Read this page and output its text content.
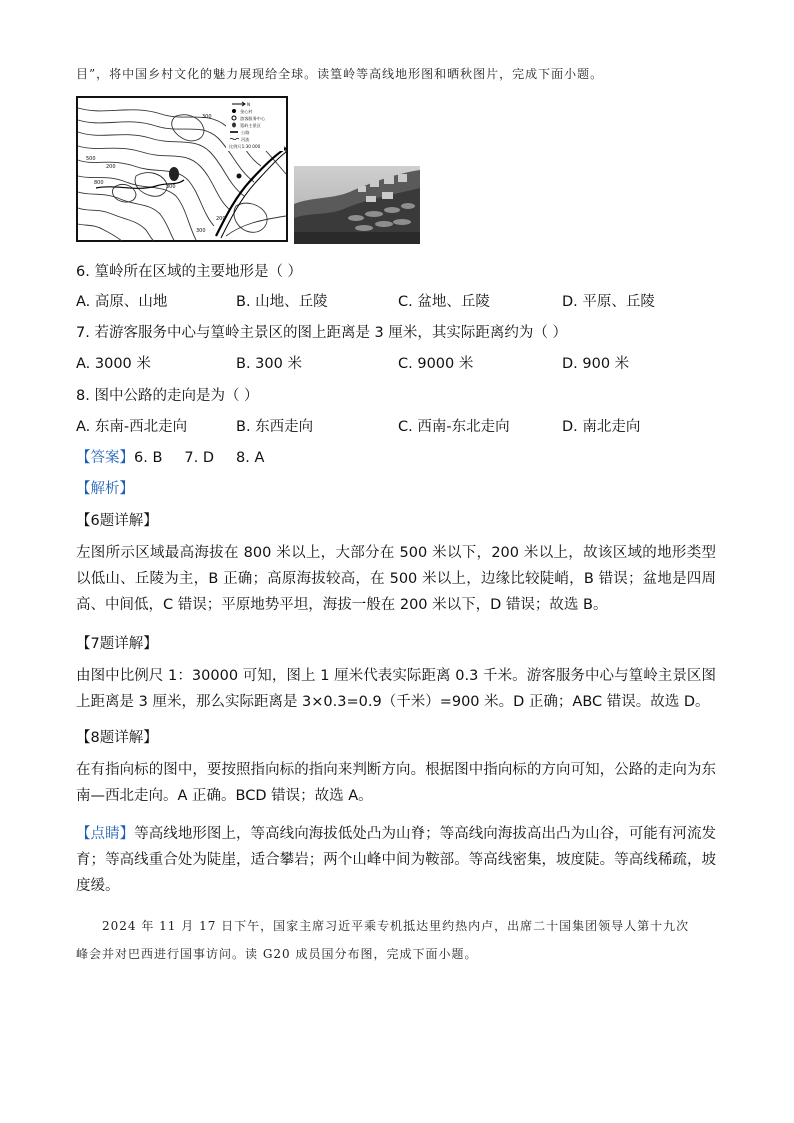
目”，将中国乡村文化的魅力展现给全球。读篁岭等高线地形图和晒秋图片，完成下面小题。
300
500
800
200
300
200
300
N
金心村
游客服务中心
篁岭主景区
公路
河流
比例尺1:30 000
6. 篁岭所在区域的主要地形是（ ）
A. 高原、山地	B. 山地、丘陵	C. 盆地、丘陵	D. 平原、丘陵
7. 若游客服务中心与篁岭主景区的图上距离是 3 厘米，其实际距离约为（ ）
A. 3000 米	B. 300 米	C. 9000 米	D. 900 米
8. 图中公路的走向是为（ ）
A. 东南-西北走向	B. 东西走向	C. 西南-东北走向	D. 南北走向
【答案】6. B 7. D 8. A
【解析】
【6题详解】
左图所示区域最高海拔在 800 米以上，大部分在 500 米以下，200 米以上，故该区域的地形类型以低山、丘陵为主，B 正确；高原海拔较高，在 500 米以上，边缘比较陡峭，B 错误；盆地是四周高、中间低，C 错误；平原地势平坦，海拔一般在 200 米以下，D 错误；故选 B。
【7题详解】
由图中比例尺 1：30000 可知，图上 1 厘米代表实际距离 0.3 千米。游客服务中心与篁岭主景区图上距离是 3 厘米，那么实际距离是 3×0.3=0.9（千米）=900 米。D 正确；ABC 错误。故选 D。
【8题详解】
在有指向标的图中，要按照指向标的指向来判断方向。根据图中指向标的方向可知，公路的走向为东南—西北走向。A 正确。BCD 错误；故选 A。
【点睛】等高线地形图上，等高线向海拔低处凸为山脊；等高线向海拔高出凸为山谷，可能有河流发育；等高线重合处为陡崖，适合攀岩；两个山峰中间为鞍部。等高线密集，坡度陡。等高线稀疏，坡度缓。
2024 年 11 月 17 日下午，国家主席习近平乘专机抵达里约热内卢，出席二十国集团领导人第十九次
峰会并对巴西进行国事访问。读 G20 成员国分布图，完成下面小题。
